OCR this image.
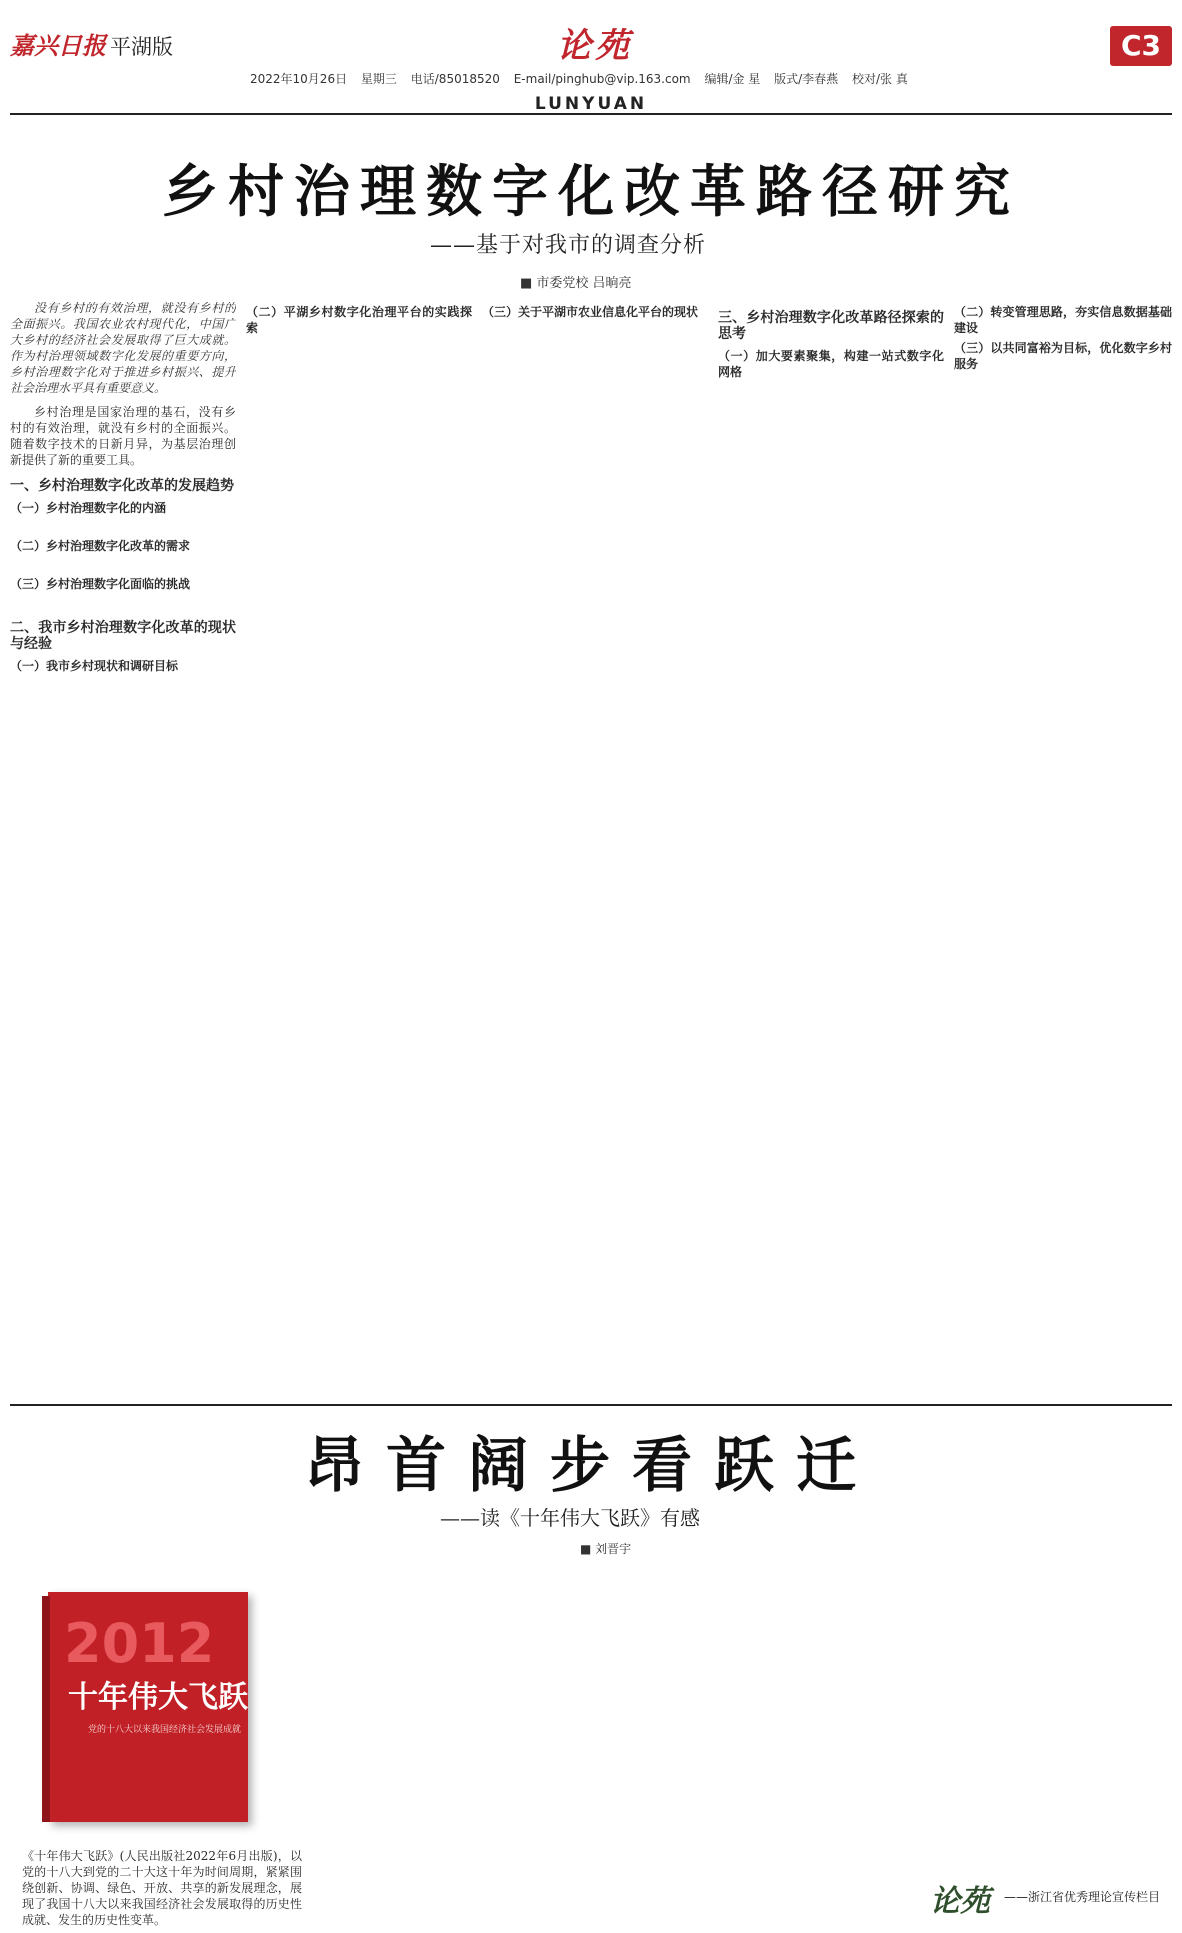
嘉兴日报 平湖版	论苑	C3
2022年10月26日 星期三 电话/85018520 E-mail/pinghub@vip.163.com 编辑/金 星 版式/李春燕 校对/张 真
LUNYUAN
乡村治理数字化改革路径研究
——基于对我市的调查分析
■ 市委党校 吕晌亮

没有乡村的有效治理，就没有乡村的全面振兴。我国农业农村现代化，中国广大乡村的经济社会发展取得了巨大成就。作为村治理领域数字化发展的重要方向，乡村治理数字化对于推进乡村振兴、提升社会治理水平具有重要意义。

乡村治理是国家治理的基石，没有乡村的有效治理，就没有乡村的全面振兴。随着数字技术的日新月异，为基层治理创新提供了新的重要工具。

一、乡村治理数字化改革的发展趋势
（一）乡村治理数字化的内涵

（二）乡村治理数字化改革的需求

（三）乡村治理数字化面临的挑战

二、我市乡村治理数字化改革的现状与经验
（一）我市乡村现状和调研目标
（二）平湖乡村数字化治理平台的实践探索
（三）关于平湖市农业信息化平台的现状	三、乡村治理数字化改革路径探索的思考
（一）加大要素聚集，构建一站式数字化网格
（二）转变管理思路，夯实信息数据基础建设
（三）以共同富裕为目标，优化数字乡村服务
昂首阔步看跃迁
——读《十年伟大飞跃》有感
■ 刘晋宇
2012
十年伟大飞跃
党的十八大以来我国经济社会发展成就
《十年伟大飞跃》(人民出版社2022年6月出版)，以党的十八大到党的二十大这十年为时间周期，紧紧围绕创新、协调、绿色、开放、共享的新发展理念，展现了我国十八大以来我国经济社会发展取得的历史性成就、发生的历史性变革。
论苑 ——浙江省优秀理论宣传栏目
